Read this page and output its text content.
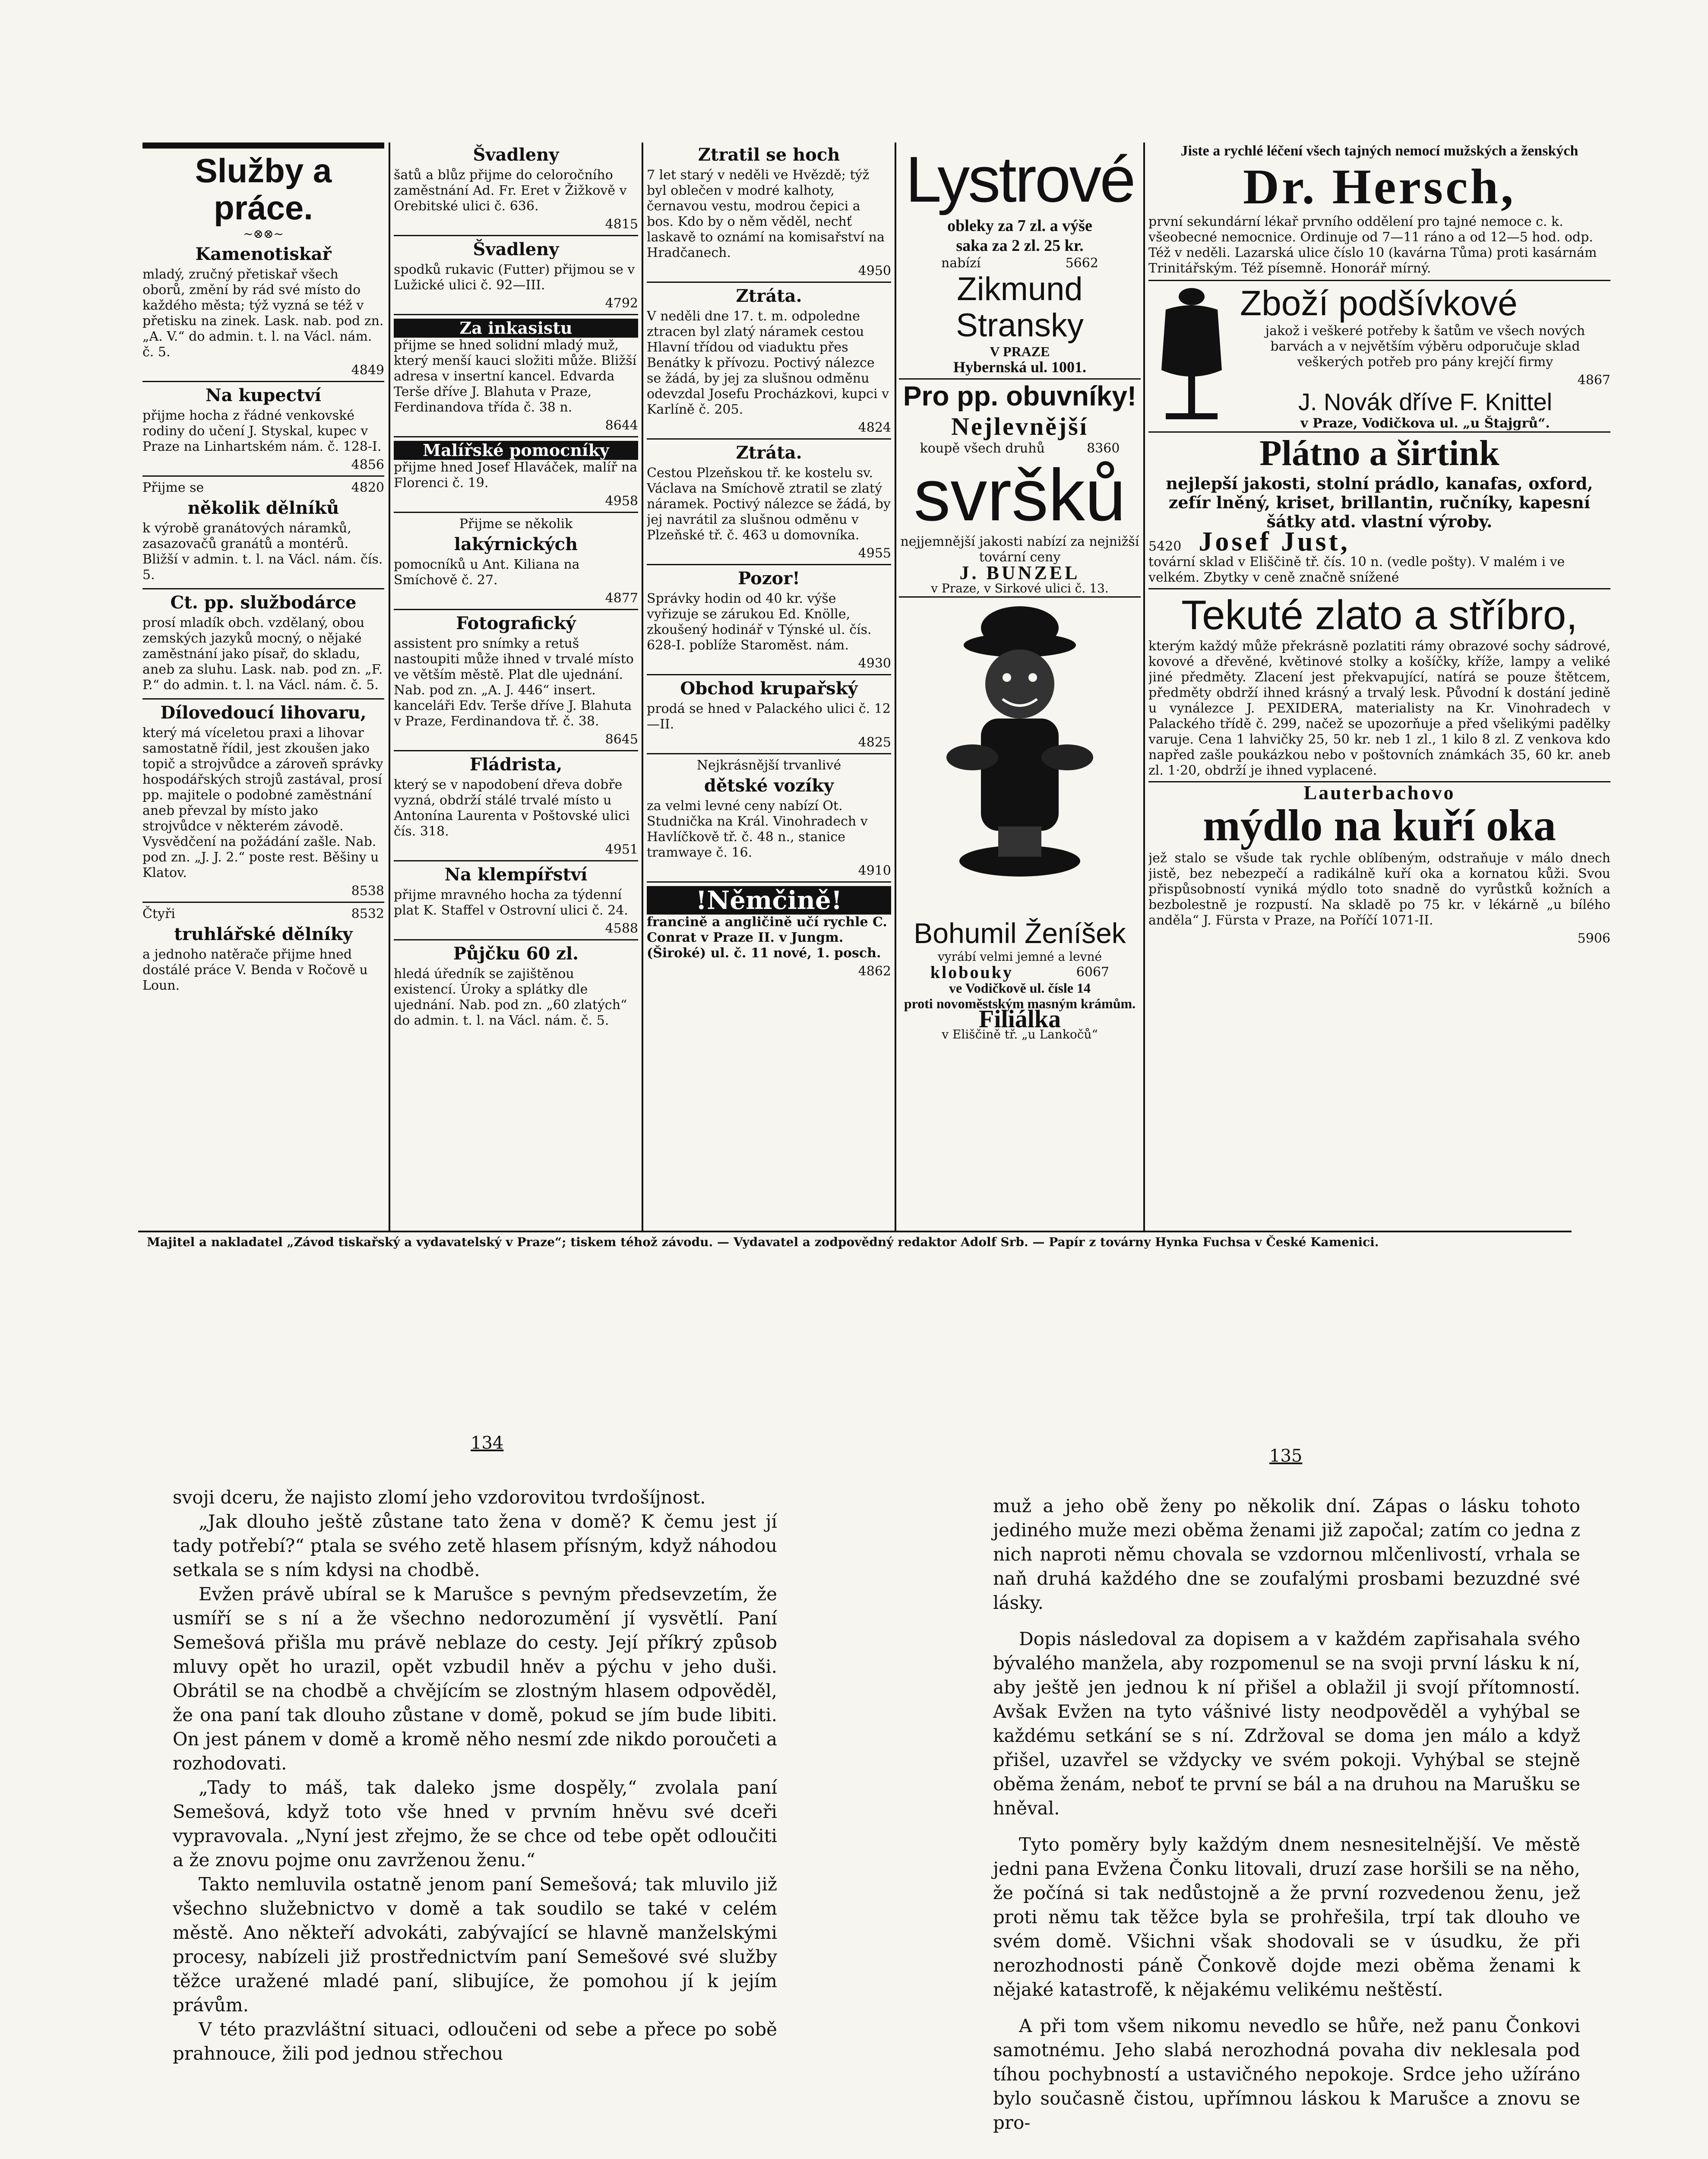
Služby a práce.
~⊗⊗~
Kamenotiskař

mladý, zručný přetiskař všech oborů, změní by rád své místo do každého města; týž vyzná se též v přetisku na zinek. Lask. nab. pod zn. „A. V.“ do admin. t. l. na Václ. nám. č. 5.

4849
Na kupectví

přijme hocha z řádné venkovské rodiny do učení J. Styskal, kupec v Praze na Linhartském nám. č. 128-I.

4856
Přijme se	4820
několik dělníků

k výrobě granátových náramků, zasazovačů granátů a montérů. Bližší v admin. t. l. na Václ. nám. čís. 5.

Ct. pp. službodárce

prosí mladík obch. vzdělaný, obou zemských jazyků mocný, o nějaké zaměstnání jako písař, do skladu, aneb za sluhu. Lask. nab. pod zn. „F. P.“ do admin. t. l. na Václ. nám. č. 5.

Dílovedoucí lihovaru,

který má víceletou praxi a lihovar samostatně řídil, jest zkoušen jako topič a strojvůdce a zároveň správky hospodářských strojů zastával, prosí pp. majitele o podobné zaměstnání aneb převzal by místo jako strojvůdce v některém závodě. Vysvědčení na požádání zašle. Nab. pod zn. „J. J. 2.“ poste rest. Běšiny u Klatov.

8538
Čtyři	8532
truhlářské dělníky

a jednoho natěrače přijme hned dostálé práce V. Benda v Ročově u Loun.

Švadleny

šatů a blůz přijme do celoročního zaměstnání Ad. Fr. Eret v Žižkově v Orebitské ulici č. 636.

4815
Švadleny

spodků rukavic (Futter) přijmou se v Lužické ulici č. 92—III.

4792
Za inkasistu

přijme se hned solidní mladý muž, který menší kauci složiti může. Bližší adresa v insertní kancel. Edvarda Terše dříve J. Blahuta v Praze, Ferdinandova třída č. 38 n.

8644
Malířské pomocníky

přijme hned Josef Hlaváček, malíř na Florenci č. 19.

4958
Přijme se několik
lakýrnických

pomocníků u Ant. Kiliana na Smíchově č. 27.

4877
Fotografický

assistent pro snímky a retuš nastoupiti může ihned v trvalé místo ve větším městě. Plat dle ujednání. Nab. pod zn. „A. J. 446“ insert. kanceláři Edv. Terše dříve J. Blahuta v Praze, Ferdinandova tř. č. 38.

8645
Fládrista,

který se v napodobení dřeva dobře vyzná, obdrží stálé trvalé místo u Antonína Laurenta v Poštovské ulici čís. 318.

4951
Na klempířství

přijme mravného hocha za týdenní plat K. Staffel v Ostrovní ulici č. 24.

4588
Půjčku 60 zl.

hledá úředník se zajištěnou existencí. Úroky a splátky dle ujednání. Nab. pod zn. „60 zlatých“ do admin. t. l. na Václ. nám. č. 5.

Ztratil se hoch

7 let starý v neděli ve Hvězdě; týž byl oblečen v modré kalhoty, černavou vestu, modrou čepici a bos. Kdo by o něm věděl, nechť laskavě to oznámí na komisařství na Hradčanech.

4950
Ztráta.

V neděli dne 17. t. m. odpoledne ztracen byl zlatý náramek cestou Hlavní třídou od viaduktu přes Benátky k přívozu. Poctivý nálezce se žádá, by jej za slušnou odměnu odevzdal Josefu Procházkovi, kupci v Karlíně č. 205.

4824
Ztráta.

Cestou Plzeňskou tř. ke kostelu sv. Václava na Smíchově ztratil se zlatý náramek. Poctivý nálezce se žádá, by jej navrátil za slušnou odměnu v Plzeňské tř. č. 463 u domovníka.

4955
Pozor!

Správky hodin od 40 kr. výše vyřizuje se zárukou Ed. Knölle, zkoušený hodinář v Týnské ul. čís. 628-I. poblíže Staroměst. nám.

4930
Obchod krupařský

prodá se hned v Palackého ulici č. 12—II.

4825
Nejkrásnější trvanlivé
dětské vozíky

za velmi levné ceny nabízí Ot. Studnička na Král. Vinohradech v Havlíčkově tř. č. 48 n., stanice tramwaye č. 16.

4910
!Němčině!

francině a angličině učí rychle C. Conrat v Praze II. v Jungm. (Široké) ul. č. 11 nové, 1. posch.

4862
Lystrové
obleky za 7 zl. a výše
saka za 2 zl. 25 kr.
nabízí	5662
Zikmund Stransky
V PRAZE
Hybernská ul. 1001.
Pro pp. obuvníky!
Nejlevnější
koupě všech druhů	8360
svršků
nejjemnější jakosti nabízí za nejnižší tovární ceny
J. BUNZEL
v Praze, v Sirkové ulici č. 13.
Bohumil Ženíšek
vyrábí velmi jemné a levné
klobouky	6067
ve Vodičkově ul. čísle 14
proti novoměstským masným krámům.
Filiálka
v Eliščině tř. „u Lankočů“
Jiste a rychlé léčení všech tajných nemocí mužských a ženských
Dr. Hersch,

první sekundární lékař prvního oddělení pro tajné nemoce c. k. všeobecné nemocnice. Ordinuje od 7—11 ráno a od 12—5 hod. odp. Též v neděli. Lazarská ulice číslo 10 (kavárna Tůma) proti kasárnám Trinitářským. Též písemně. Honorář mírný.

Zboží podšívkové

jakož i veškeré potřeby k šatům ve všech nových barvách a v největším výběru odporučuje sklad veškerých potřeb pro pány krejčí firmy

4867
J. Novák dříve F. Knittel
v Praze, Vodičkova ul. „u Štajgrů“.
Plátno a širtink

nejlepší jakosti, stolní prádlo, kanafas, oxford, zefír lněný, kriset, brillantin, ručníky, kapesní šátky atd. vlastní výroby.

5420 Josef Just,

tovární sklad v Eliščině tř. čís. 10 n. (vedle pošty). V malém i ve velkém. Zbytky v ceně značně snížené

Tekuté zlato a stříbro,

kterým každý může překrásně pozlatiti rámy obrazové sochy sádrové, kovové a dřevěné, květinové stolky a košíčky, kříže, lampy a veliké jiné předměty. Zlacení jest překvapující, natírá se pouze štětcem, předměty obdrží ihned krásný a trvalý lesk. Původní k dostání jedině u vynálezce J. PEXIDERA, materialisty na Kr. Vinohradech v Palackého třídě č. 299, načež se upozorňuje a před všelikými padělky varuje. Cena 1 lahvičky 25, 50 kr. neb 1 zl., 1 kilo 8 zl. Z venkova kdo napřed zašle poukázkou nebo v poštovních známkách 35, 60 kr. aneb zl. 1·20, obdrží je ihned vyplacené.

Lauterbachovo
mýdlo na kuří oka

jež stalo se všude tak rychle oblíbeným, odstraňuje v málo dnech jistě, bez nebezpečí a radikálně kuří oka a kornatou kůži. Svou přispůsobností vyniká mýdlo toto snadně do vyrůstků kožních a bezbolestně je rozpustí. Na skladě po 75 kr. v lékárně „u bílého anděla“ J. Fürsta v Praze, na Poříčí 1071-II.

5906
Majitel a nakladatel „Závod tiskařský a vydavatelský v Praze“; tiskem téhož závodu. — Vydavatel a zodpovědný redaktor Adolf Srb. — Papír z továrny Hynka Fuchsa v České Kamenici.
134
135

svoji dceru, že najisto zlomí jeho vzdorovitou tvrdošíjnost.

„Jak dlouho ještě zůstane tato žena v domě? K čemu jest jí tady potřebí?“ ptala se svého zetě hlasem přísným, když náhodou setkala se s ním kdysi na chodbě.

Evžen právě ubíral se k Marušce s pevným předsevzetím, že usmíří se s ní a že všechno nedorozumění jí vysvětlí. Paní Semešová přišla mu právě neblaze do cesty. Její příkrý způsob mluvy opět ho urazil, opět vzbudil hněv a pýchu v jeho duši. Obrátil se na chodbě a chvějícím se zlostným hlasem odpověděl, že ona paní tak dlouho zůstane v domě, pokud se jím bude libiti. On jest pánem v domě a kromě něho nesmí zde nikdo poroučeti a rozhodovati.

„Tady to máš, tak daleko jsme dospěly,“ zvolala paní Semešová, když toto vše hned v prvním hněvu své dceři vypravovala. „Nyní jest zřejmo, že se chce od tebe opět odloučiti a že znovu pojme onu zavrženou ženu.“

Takto nemluvila ostatně jenom paní Semešová; tak mluvilo již všechno služebnictvo v domě a tak soudilo se také v celém městě. Ano někteří advokáti, zabývající se hlavně manželskými procesy, nabízeli již prostřednictvím paní Semešové své služby těžce uražené mladé paní, slibujíce, že pomohou jí k jejím právům.

V této prazvláštní situaci, odloučeni od sebe a přece po sobě prahnouce, žili pod jednou střechou

muž a jeho obě ženy po několik dní. Zápas o lásku tohoto jediného muže mezi oběma ženami již započal; zatím co jedna z nich naproti němu chovala se vzdornou mlčenlivostí, vrhala se naň druhá každého dne se zoufalými prosbami bezuzdné své lásky.

Dopis následoval za dopisem a v každém zapřisahala svého bývalého manžela, aby rozpomenul se na svoji první lásku k ní, aby ještě jen jednou k ní přišel a oblažil ji svojí přítomností. Avšak Evžen na tyto vášnivé listy neodpověděl a vyhýbal se každému setkání se s ní. Zdržoval se doma jen málo a když přišel, uzavřel se vždycky ve svém pokoji. Vyhýbal se stejně oběma ženám, neboť te první se bál a na druhou na Marušku se hněval.

Tyto poměry byly každým dnem nesnesitelnější. Ve městě jedni pana Evžena Čonku litovali, druzí zase horšili se na něho, že počíná si tak nedůstojně a že první rozvedenou ženu, jež proti němu tak těžce byla se prohřešila, trpí tak dlouho ve svém domě. Všichni však shodovali se v úsudku, že při nerozhodnosti páně Čonkově dojde mezi oběma ženami k nějaké katastrofě, k nějakému velikému neštěstí.

A při tom všem nikomu nevedlo se hůře, než panu Čonkovi samotnému. Jeho slabá nerozhodná povaha div neklesala pod tíhou pochybností a ustavičného nepokoje. Srdce jeho užíráno bylo současně čistou, upřímnou láskou k Marušce a znovu se pro-
